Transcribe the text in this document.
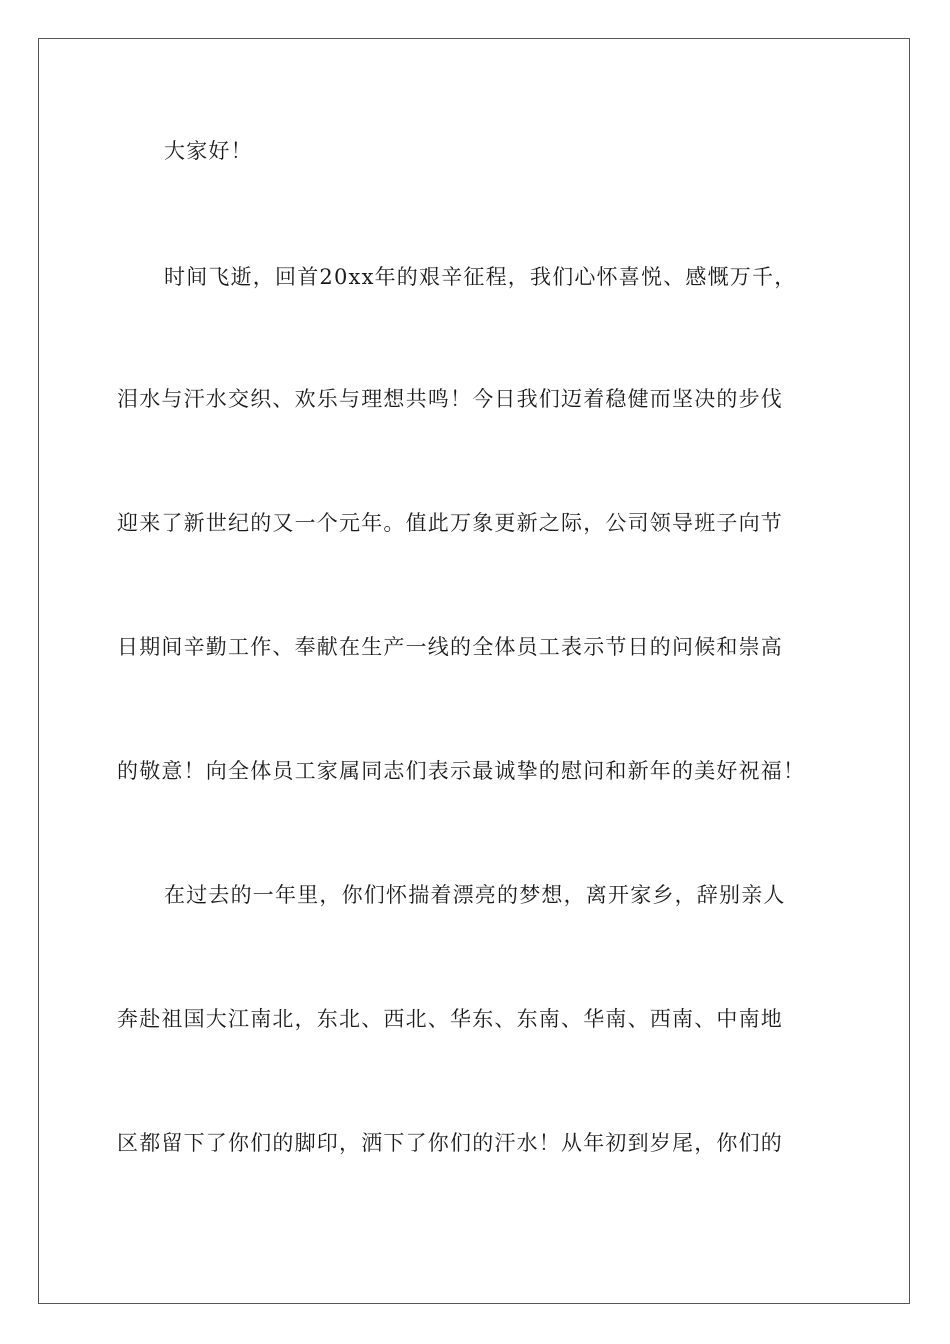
大家好！

时间飞逝，回首20xx年的艰辛征程，我们心怀喜悦、感慨万千，

泪水与汗水交织、欢乐与理想共鸣！今日我们迈着稳健而坚决的步伐

迎来了新世纪的又一个元年。值此万象更新之际，公司领导班子向节

日期间辛勤工作、奉献在生产一线的全体员工表示节日的问候和崇高

的敬意！向全体员工家属同志们表示最诚挚的慰问和新年的美好祝福！

在过去的一年里，你们怀揣着漂亮的梦想，离开家乡，辞别亲人

奔赴祖国大江南北，东北、西北、华东、东南、华南、西南、中南地

区都留下了你们的脚印，洒下了你们的汗水！从年初到岁尾，你们的
